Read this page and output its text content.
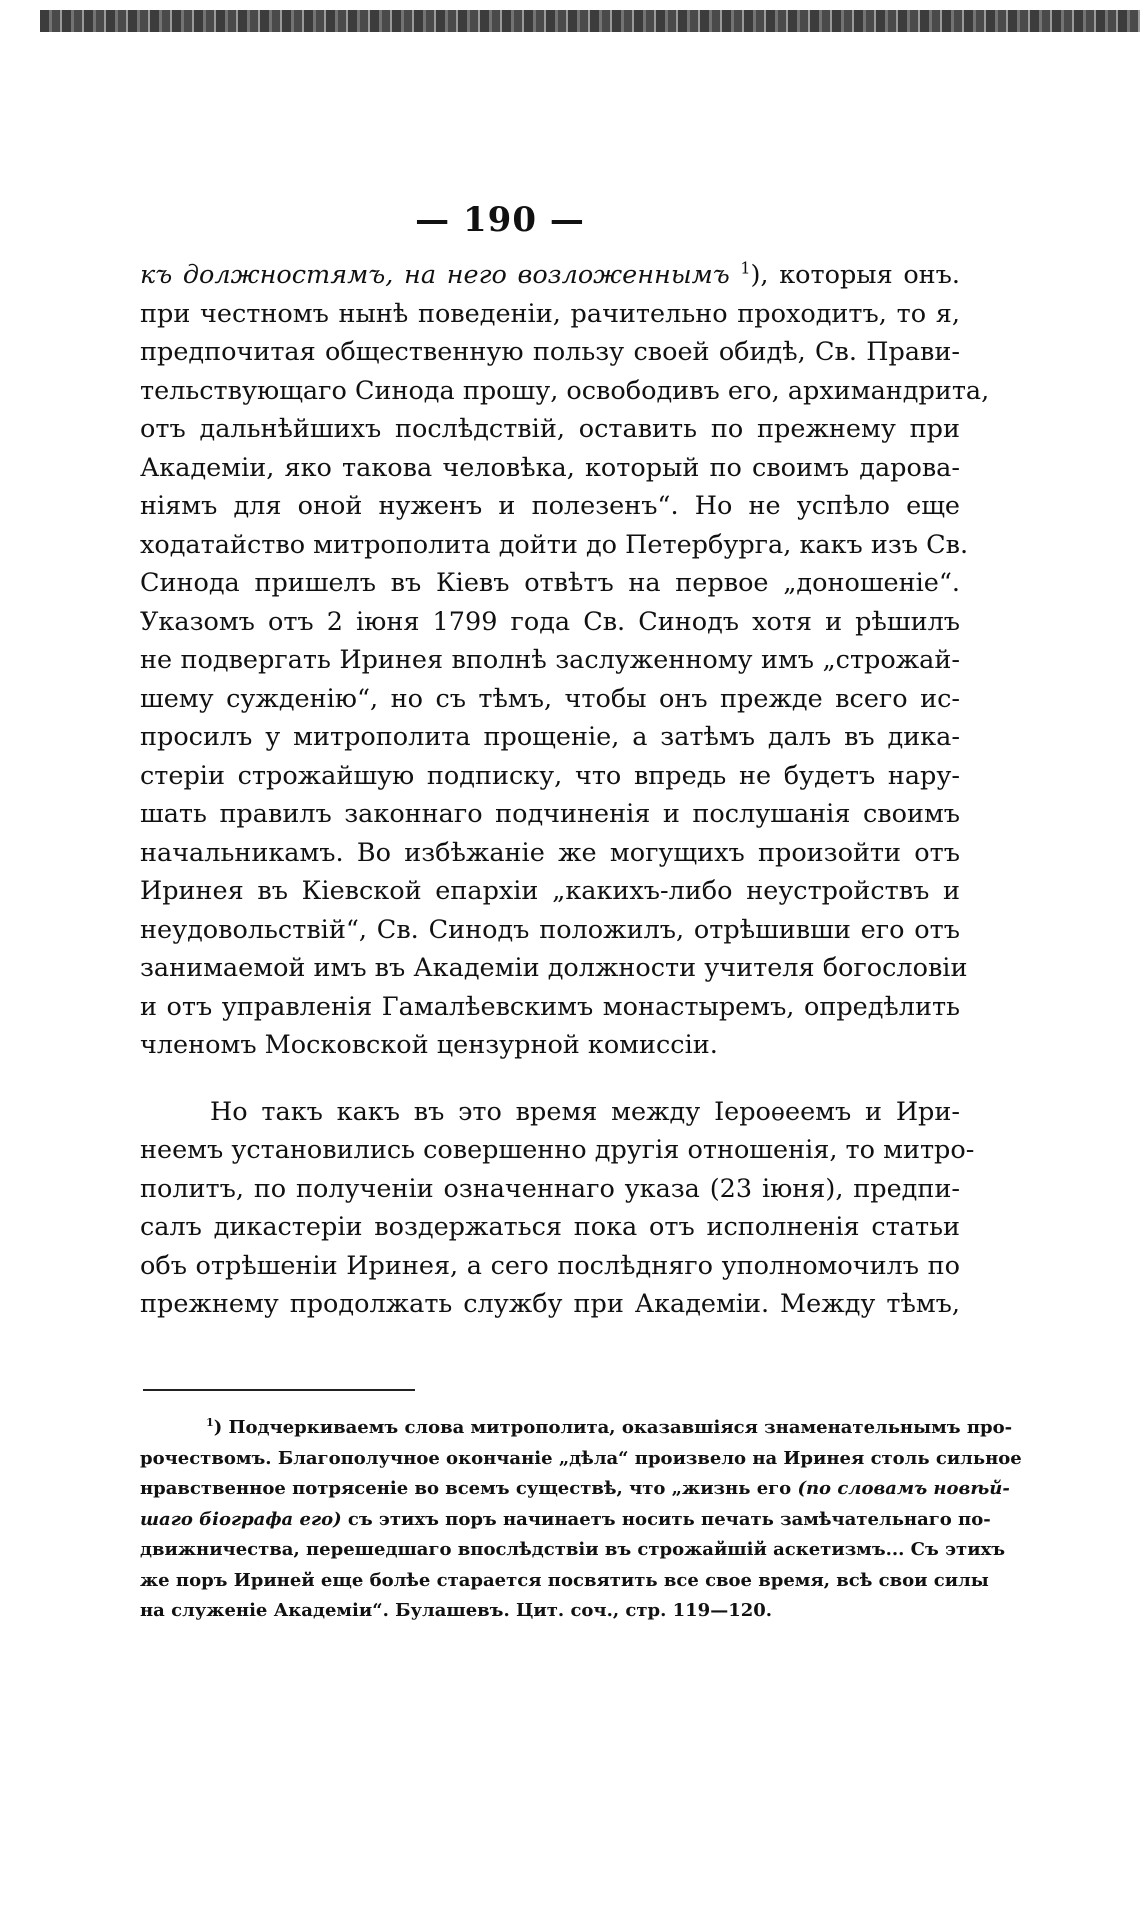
— 190 —
къ должностямъ, на него возложеннымъ $^1$), которыя онъ.
при честномъ нынѣ поведеніи, рачительно проходитъ, то я,
предпочитая общественную пользу своей обидѣ, Св. Прави-
тельствующаго Синода прошу, освободивъ его, архимандрита,
отъ дальнѣйшихъ послѣдствій, оставить по прежнему при
Академіи, яко такова человѣка, который по своимъ дарова-
ніямъ для оной нуженъ и полезенъ“. Но не успѣло еще
ходатайство митрополита дойти до Петербурга, какъ изъ Св.
Синода пришелъ въ Кіевъ отвѣтъ на первое „доношеніе“.
Указомъ отъ 2 іюня 1799 года Св. Синодъ хотя и рѣшилъ
не подвергать Иринея вполнѣ заслуженному имъ „строжай-
шему сужденію“, но съ тѣмъ, чтобы онъ прежде всего ис-
просилъ у митрополита прощеніе, а затѣмъ далъ въ дика-
стеріи строжайшую подписку, что впредь не будетъ нару-
шать правилъ законнаго подчиненія и послушанія своимъ
начальникамъ. Во избѣжаніе же могущихъ произойти отъ
Иринея въ Кіевской епархіи „какихъ-либо неустройствъ и
неудовольствій“, Св. Синодъ положилъ, отрѣшивши его отъ
занимаемой имъ въ Академіи должности учителя богословіи
и отъ управленія Гамалѣевскимъ монастыремъ, опредѣлить
членомъ Московской цензурной комиссіи.
Но такъ какъ въ это время между Іероѳеемъ и Ири-
неемъ установились совершенно другія отношенія, то митро-
политъ, по полученіи означеннаго указа (23 іюня), предпи-
салъ дикастеріи воздержаться пока отъ исполненія статьи
объ отрѣшеніи Иринея, а сего послѣдняго уполномочилъ по
прежнему продолжать службу при Академіи. Между тѣмъ,
$^1$) Подчеркиваемъ слова митрополита, оказавшіяся знаменательнымъ про-
рочествомъ. Благополучное окончаніе „дѣла“ произвело на Иринея столь сильное
нравственное потрясеніе во всемъ существѣ, что „жизнь его (по словамъ новѣй-
шаго біографа его) съ этихъ поръ начинаетъ носить печать замѣчательнаго по-
движничества, перешедшаго впослѣдствіи въ строжайшій аскетизмъ... Съ этихъ
же поръ Ириней еще болѣе старается посвятить все свое время, всѣ свои силы
на служеніе Академіи“. Булашевъ. Цит. соч., стр. 119—120.
